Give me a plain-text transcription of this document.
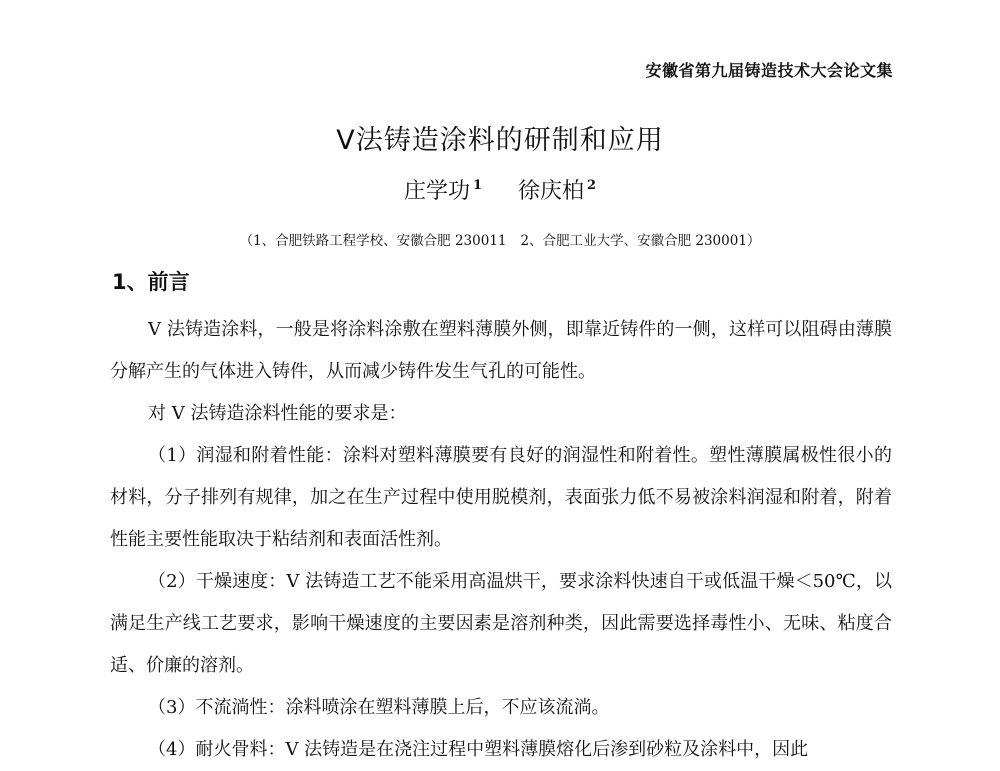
安徽省第九届铸造技术大会论文集
V法铸造涂料的研制和应用
庄学功 $^1$ 徐庆柏 $^2$
（1、合肥铁路工程学校、安徽合肥 230011 2、合肥工业大学、安徽合肥 230001）
1、前言

V 法铸造涂料，一般是将涂料涂敷在塑料薄膜外侧，即靠近铸件的一侧，这样可以阻碍由薄膜分解产生的气体进入铸件，从而减少铸件发生气孔的可能性。

对 V 法铸造涂料性能的要求是：

（1）润湿和附着性能：涂料对塑料薄膜要有良好的润湿性和附着性。塑性薄膜属极性很小的材料，分子排列有规律，加之在生产过程中使用脱模剂，表面张力低不易被涂料润湿和附着，附着性能主要性能取决于粘结剂和表面活性剂。

（2）干燥速度：V 法铸造工艺不能采用高温烘干，要求涂料快速自干或低温干燥＜50℃，以满足生产线工艺要求，影响干燥速度的主要因素是溶剂种类，因此需要选择毒性小、无味、粘度合适、价廉的溶剂。

（3）不流淌性：涂料喷涂在塑料薄膜上后，不应该流淌。

（4）耐火骨料：V 法铸造是在浇注过程中塑料薄膜熔化后渗到砂粒及涂料中，因此
